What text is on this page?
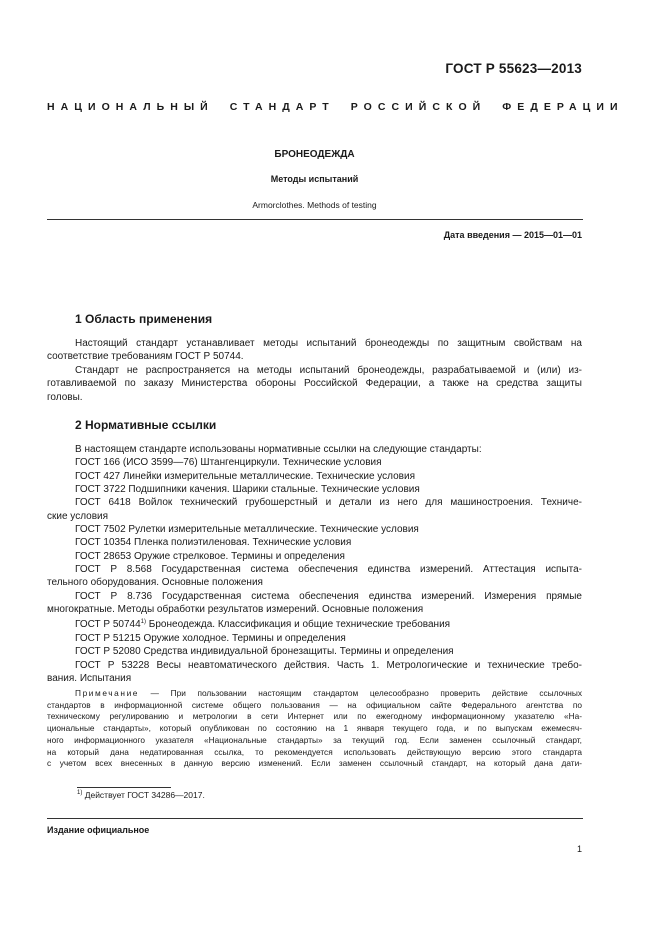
ГОСТ Р 55623—2013
НАЦИОНАЛЬНЫЙ СТАНДАРТ РОССИЙСКОЙ ФЕДЕРАЦИИ
БРОНЕОДЕЖДА
Методы испытаний
Armorclothes. Methods of testing
Дата введения — 2015—01—01
1 Область применения
Настоящий стандарт устанавливает методы испытаний бронеодежды по защитным свойствам на
соответствие требованиям ГОСТ Р 50744.
Стандарт не распространяется на методы испытаний бронеодежды, разрабатываемой и (или) из-
готавливаемой по заказу Министерства обороны Российской Федерации, а также на средства защиты
головы.
2 Нормативные ссылки
В настоящем стандарте использованы нормативные ссылки на следующие стандарты:
ГОСТ 166 (ИСО 3599—76) Штангенциркули. Технические условия
ГОСТ 427 Линейки измерительные металлические. Технические условия
ГОСТ 3722 Подшипники качения. Шарики стальные. Технические условия
ГОСТ 6418 Войлок технический грубошерстный и детали из него для машиностроения. Техниче-
ские условия
ГОСТ 7502 Рулетки измерительные металлические. Технические условия
ГОСТ 10354 Пленка полиэтиленовая. Технические условия
ГОСТ 28653 Оружие стрелковое. Термины и определения
ГОСТ Р 8.568 Государственная система обеспечения единства измерений. Аттестация испыта-
тельного оборудования. Основные положения
ГОСТ Р 8.736 Государственная система обеспечения единства измерений. Измерения прямые
многократные. Методы обработки результатов измерений. Основные положения
ГОСТ Р 50744$^{1)}$ Бронеодежда. Классификация и общие технические требования
ГОСТ Р 51215 Оружие холодное. Термины и определения
ГОСТ Р 52080 Средства индивидуальной бронезащиты. Термины и определения
ГОСТ Р 53228 Весы неавтоматического действия. Часть 1. Метрологические и технические требо-
вания. Испытания
Примечание — При пользовании настоящим стандартом целесообразно проверить действие ссылочных
стандартов в информационной системе общего пользования — на официальном сайте Федерального агентства по
техническому регулированию и метрологии в сети Интернет или по ежегодному информационному указателю «На-
циональные стандарты», который опубликован по состоянию на 1 января текущего года, и по выпускам ежемесяч-
ного информационного указателя «Национальные стандарты» за текущий год. Если заменен ссылочный стандарт,
на который дана недатированная ссылка, то рекомендуется использовать действующую версию этого стандарта
с учетом всех внесенных в данную версию изменений. Если заменен ссылочный стандарт, на который дана дати-
$^{1)}$ Действует ГОСТ 34286—2017.
Издание официальное
1
